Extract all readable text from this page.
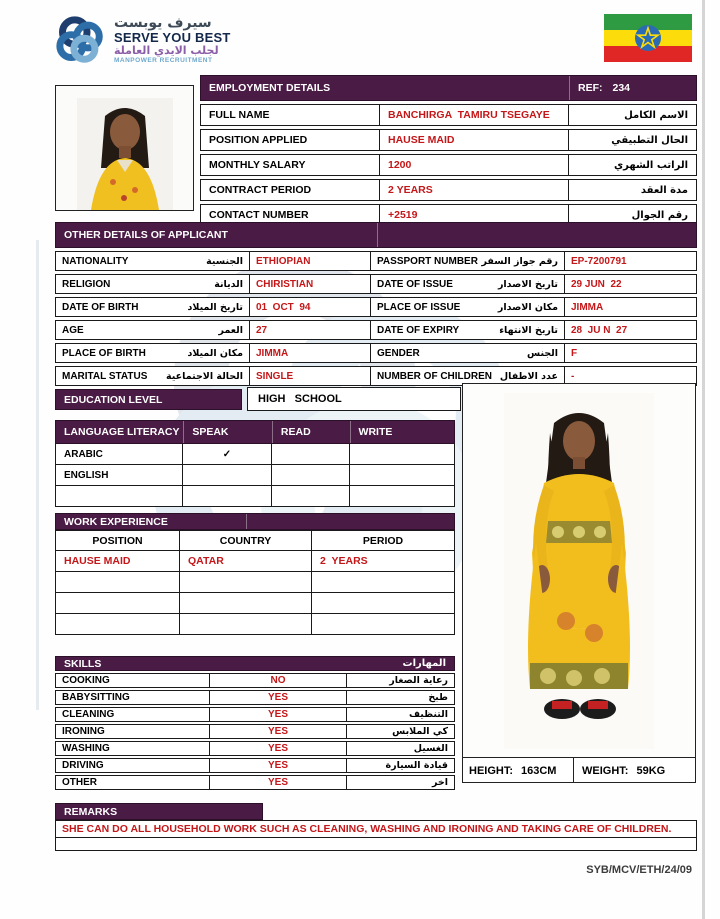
سيرف يوبست
SERVE YOU BEST
لجلب الايدي العاملة
MANPOWER RECRUITMENT
EMPLOYMENT DETAILS	REF: 234
FULL NAME	BANCHIRGA  TAMIRU TSEGAYE	الاسم الكامل
POSITION APPLIED	HAUSE MAID	الحال التطبيقي
MONTHLY SALARY	1200	الراتب الشهري
CONTRACT PERIOD	2 YEARS	مدة العقد
CONTACT NUMBER	+2519	رقم الجوال
OTHER DETAILS OF APPLICANT
NATIONALITY	الجنسية	ETHIOPIAN	PASSPORT NUMBER رقم جواز السفر	EP-7200791
RELIGION	الديانة	CHIRISTIAN	DATE OF ISSUE	تاريخ الاصدار	29 JUN  22
DATE OF BIRTH	تاريخ الميلاد	01  OCT  94	PLACE OF ISSUE	مكان الاصدار	JIMMA
AGE	العمر	27	DATE OF EXPIRY	تاريخ الانتهاء	28  JU N  27
PLACE OF BIRTH	مكان الميلاد	JIMMA	GENDER	الجنس	F
MARITAL STATUS الحالة الاجتماعية	SINGLE	NUMBER OF CHILDREN عدد الاطفال	-
EDUCATION LEVEL	HIGH   SCHOOL
LANGUAGE LITERACY	SPEAK	READ	WRITE
ARABIC	✓
ENGLISH
WORK EXPERIENCE
POSITION	COUNTRY	PERIOD
HAUSE MAID	QATAR	2  YEARS
SKILLS	المهارات
COOKING	NO	رعاية الصغار
BABYSITTING	YES	طبخ
CLEANING	YES	التنظيف
IRONING	YES	كي الملابس
WASHING	YES	الغسيل
DRIVING	YES	قيادة السيارة
OTHER	YES	اخر
HEIGHT: 163CM WEIGHT: 59KG
REMARKS
SHE CAN DO ALL HOUSEHOLD WORK SUCH AS CLEANING, WASHING AND IRONING AND TAKING CARE OF CHILDREN.
SYB/MCV/ETH/24/09
